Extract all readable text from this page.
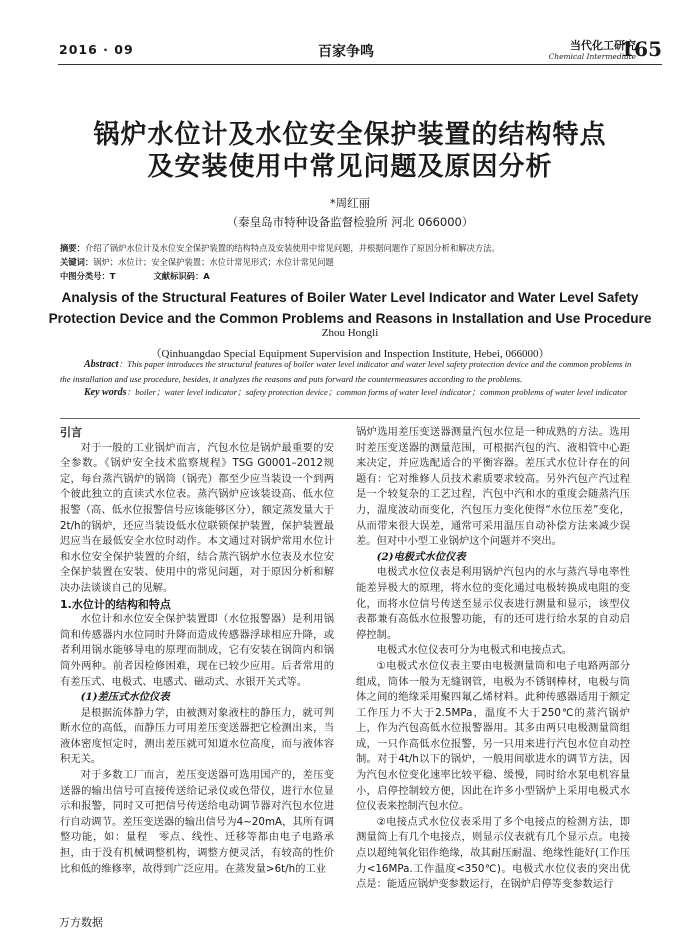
2016 · 09	百家争鸣	当代化工研究
Chemical Intermediate
165
锅炉水位计及水位安全保护装置的结构特点
及安装使用中常见问题及原因分析
*周红丽
（秦皇岛市特种设备监督检验所 河北 066000）
摘要：介绍了锅炉水位计及水位安全保护装置的结构特点及安装使用中常见问题，并根据问题作了原因分析和解决方法。
关键词：锅炉；水位计；安全保护装置；水位计常见形式；水位计常见问题
中图分类号：T	文献标识码：A
Analysis of the Structural Features of Boiler Water Level Indicator and Water Level Safety
Protection Device and the Common Problems and Reasons in Installation and Use Procedure
Zhou Hongli
（Qinhuangdao Special Equipment Supervision and Inspection Institute, Hebei, 066000）
Abstract：This paper introduces the structural features of boiler water level indicator and water level safety protection device and the common problems in the installation and use procedure, besides, it analyzes the reasons and puts forward the countermeasures according to the problems.
Key words：boiler；water level indicator；safety protection device；common forms of water level indicator；common problems of water level indicator

引言

对于一般的工业锅炉而言，汽包水位是锅炉最重要的安全参数。《锅炉安全技术监察规程》TSG G0001–2012规定，每台蒸汽锅炉的锅筒（锅壳）都至少应当装设一个到两个彼此独立的直读式水位表。蒸汽锅炉应该装设高、低水位报警（高、低水位报警信号应该能够区分），额定蒸发量大于2t/h的锅炉，还应当装设低水位联锁保护装置，保护装置最迟应当在最低安全水位时动作。本文通过对锅炉常用水位计和水位安全保护装置的介绍，结合蒸汽锅炉水位表及水位安全保护装置在安装、使用中的常见问题，对于原因分析和解决办法谈谈自己的见解。

1.水位计的结构和特点

水位计和水位安全保护装置即（水位报警器）是利用锅筒和传感器内水位同时升降而造成传感器浮球相应升降，或者利用锅水能够导电的原理而制成，它有安装在锅筒内和锅筒外两种。前者因检修困难，现在已较少应用。后者常用的有差压式、电极式、电感式、磁动式、水银开关式等。

(1)差压式水位仪表

是根据流体静力学，由被测对象液柱的静压力，就可判断水位的高低，而静压力可用差压变送器把它检测出来，当液体密度恒定时，测出差压就可知道水位高度，而与液体容积无关。

对于多数工厂而言，差压变送器可选用国产的，差压变送器的输出信号可直接传送给记录仪或色带仪，进行水位显示和报警，同时又可把信号传送给电动调节器对汽包水位进行自动调节。差压变送器的输出信号为4~20mA，其所有调整功能，如：量程　零点、线性、迁移等都由电子电路承担，由于没有机械调整机构，调整方便灵活，有较高的性价比和低的维修率，故得到广泛应用。在蒸发量>6t/h的工业

锅炉选用差压变送器测量汽包水位是一种成熟的方法。选用时差压变送器的测量范围，可根据汽包的汽、液相管中心距来决定，并应选配适合的平衡容器。差压式水位计存在的问题有：它对维修人员技术素质要求较高。另外汽包产汽过程是一个较复杂的工艺过程，汽包中汽和水的重度会随蒸汽压力，温度波动而变化，汽包压力变化使得“水位压差”变化，从而带来很大误差，通常可采用温压自动补偿方法来减少误差。但对中小型工业锅炉这个问题并不突出。

(2)电极式水位仪表

电极式水位仪表是利用锅炉汽包内的水与蒸汽导电率性能差异极大的原理，将水位的变化通过电极转换成电阻的变化，而将水位信号传送至显示仪表进行测量和显示，该型仪表都兼有高低水位报警功能，有的还可进行给水泵的自动启停控制。

电极式水位仪表可分为电极式和电接点式。

①电极式水位仪表主要由电极测量筒和电子电路两部分组成，筒体一般为无缝钢管，电极为不锈钢棒材，电极与筒体之间的绝缘采用聚四氟乙烯材料。此种传感器适用于额定工作压力不大于2.5MPa，温度不大于250℃的蒸汽锅炉上，作为汽包高低水位报警器用。其多由两只电极测量筒组成，一只作高低水位报警，另一只用来进行汽包水位自动控制。对于4t/h以下的锅炉，一般用间歇进水的调节方法，因为汽包水位变化速率比较平稳、缓慢，同时给水泵电机容量小，启停控制较方便，因此在许多小型锅炉上采用电极式水位仪表来控制汽包水位。

②电接点式水位仪表采用了多个电接点的检测方法，即测量筒上有几个电接点，则显示仪表就有几个显示点。电接点以超纯氧化铝作绝缘，故其耐压耐温、绝缘性能好(工作压力<16MPa.工作温度<350℃)。电极式水位仪表的突出优点是：能适应锅炉变参数运行，在锅炉启停等变参数运行

万方数据
